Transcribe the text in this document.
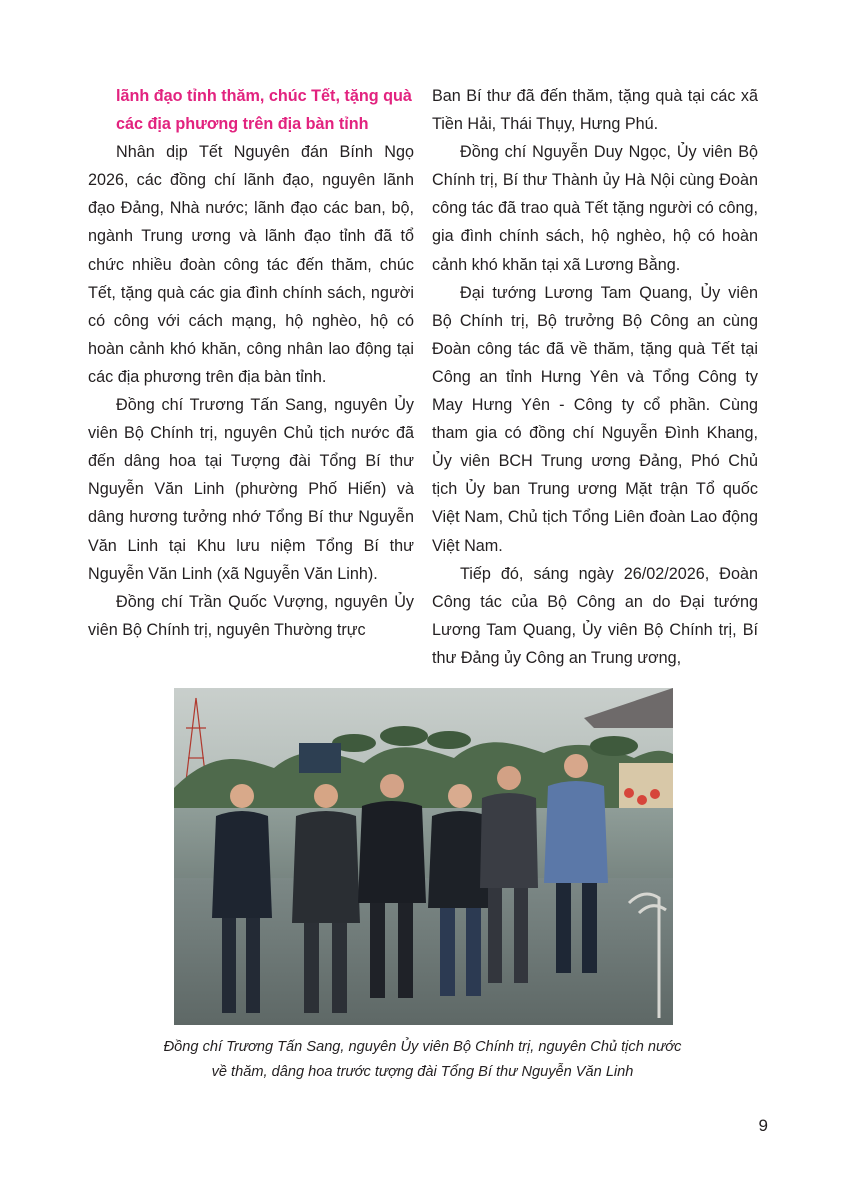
lãnh đạo tỉnh thăm, chúc Tết, tặng quà

các địa phương trên địa bàn tỉnh

Nhân dịp Tết Nguyên đán Bính Ngọ 2026, các đồng chí lãnh đạo, nguyên lãnh đạo Đảng, Nhà nước; lãnh đạo các ban, bộ, ngành Trung ương và lãnh đạo tỉnh đã tổ chức nhiều đoàn công tác đến thăm, chúc Tết, tặng quà các gia đình chính sách, người có công với cách mạng, hộ nghèo, hộ có hoàn cảnh khó khăn, công nhân lao động tại các địa phương trên địa bàn tỉnh.

Đồng chí Trương Tấn Sang, nguyên Ủy viên Bộ Chính trị, nguyên Chủ tịch nước đã đến dâng hoa tại Tượng đài Tổng Bí thư Nguyễn Văn Linh (phường Phố Hiến) và dâng hương tưởng nhớ Tổng Bí thư Nguyễn Văn Linh tại Khu lưu niệm Tổng Bí thư Nguyễn Văn Linh (xã Nguyễn Văn Linh).

Đồng chí Trần Quốc Vượng, nguyên Ủy viên Bộ Chính trị, nguyên Thường trực

Ban Bí thư đã đến thăm, tặng quà tại các xã Tiền Hải, Thái Thụy, Hưng Phú.

Đồng chí Nguyễn Duy Ngọc, Ủy viên Bộ Chính trị, Bí thư Thành ủy Hà Nội cùng Đoàn công tác đã trao quà Tết tặng người có công, gia đình chính sách, hộ nghèo, hộ có hoàn cảnh khó khăn tại xã Lương Bằng.

Đại tướng Lương Tam Quang, Ủy viên Bộ Chính trị, Bộ trưởng Bộ Công an cùng Đoàn công tác đã về thăm, tặng quà Tết tại Công an tỉnh Hưng Yên và Tổng Công ty May Hưng Yên - Công ty cổ phần. Cùng tham gia có đồng chí Nguyễn Đình Khang, Ủy viên BCH Trung ương Đảng, Phó Chủ tịch Ủy ban Trung ương Mặt trận Tổ quốc Việt Nam, Chủ tịch Tổng Liên đoàn Lao động Việt Nam.

Tiếp đó, sáng ngày 26/02/2026, Đoàn Công tác của Bộ Công an do Đại tướng Lương Tam Quang, Ủy viên Bộ Chính trị, Bí thư Đảng ủy Công an Trung ương,

Đồng chí Trương Tấn Sang, nguyên Ủy viên Bộ Chính trị, nguyên Chủ tịch nước
về thăm, dâng hoa trước tượng đài Tổng Bí thư Nguyễn Văn Linh
9
